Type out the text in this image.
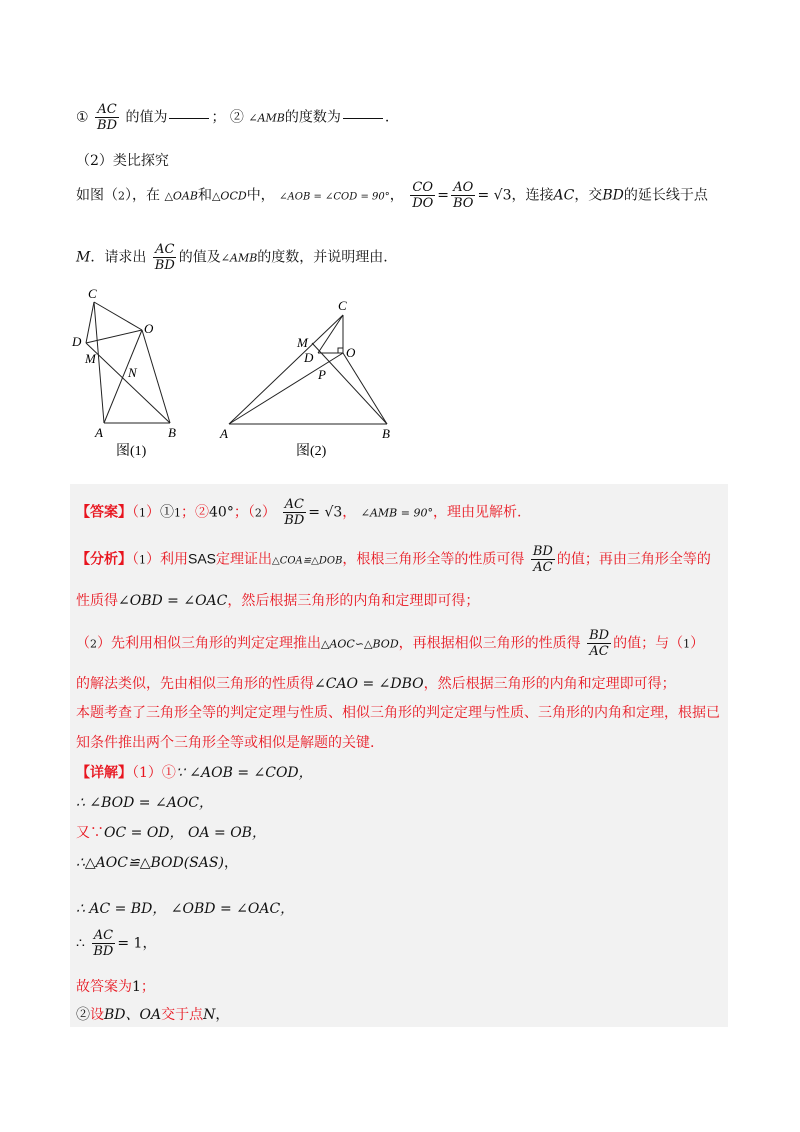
① $\frac{AC}{BD}$ 的值为	； ② ∠AMB的度数为	.
（2）类比探究
如图（2），在 △OAB和△OCD中， ∠AOB = ∠COD = 90°， $\frac{CO}{DO} = \frac{AO}{BO} = √3$，连接AC，交BD的延长线于点
M．请求出 $\frac{AC}{BD}$ 的值及∠AMB的度数，并说明理由.
C
O
D
M
N
A	B
图(1)
C
M
D	O
P
A	B
图(2)
【答案】（1）①1；②40°；$(2) \frac{AC}{BD} = √3$， ∠AMB = 90°，理由见解析.
【分析】（1）利用SAS定理证出△COA≌△DOB，根根三角形全等的性质可得 $\frac{BD}{AC}$ 的值；再由三角形全等的
性质得∠OBD = ∠OAC，然后根据三角形的内角和定理即可得；
（2）先利用相似三角形的判定定理推出△AOC∽△BOD，再根据相似三角形的性质得 $\frac{BD}{AC}$ 的值；与（1）
的解法类似，先由相似三角形的性质得∠CAO = ∠DBO，然后根据三角形的内角和定理即可得；
本题考查了三角形全等的判定定理与性质、相似三角形的判定定理与性质、三角形的内角和定理，根据已
知条件推出两个三角形全等或相似是解题的关键.
【详解】（1）①∵ ∠AOB = ∠COD，
∴ ∠BOD = ∠AOC，
又∵OC = OD， OA = OB，
∴△AOC≌△BOD(SAS)，
∴ AC = BD， ∠OBD = ∠OAC，
∴ $\frac{AC}{BD} = 1$，
故答案为1；
②设BD、OA交于点N，
